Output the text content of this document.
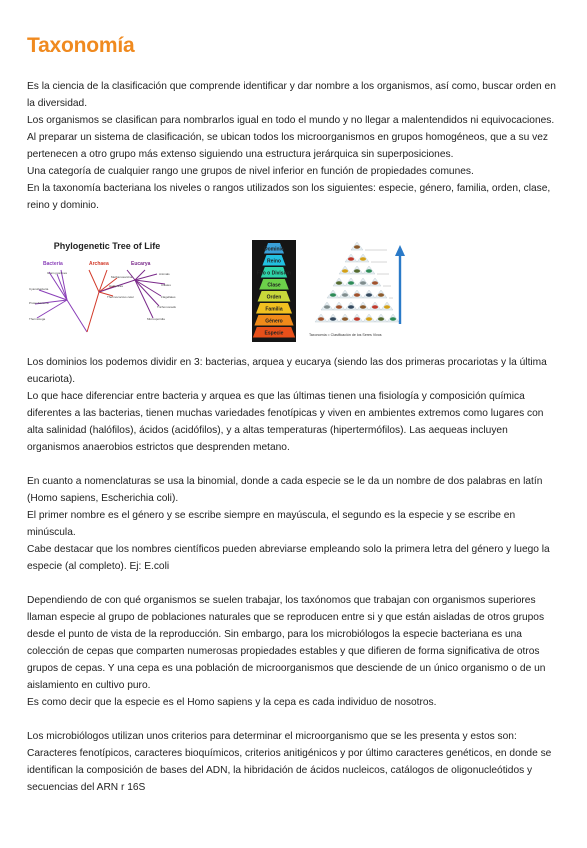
Taxonomía

Es la ciencia de la clasificación que comprende identificar y dar nombre a los organismos, así como, buscar orden en la diversidad.

Los organismos se clasifican para nombrarlos igual en todo el mundo y no llegar a malentendidos ni equivocaciones.

Al preparar un sistema de clasificación, se ubican todos los microorganismos en grupos homogéneos, que a su vez pertenecen a otro grupo más extenso siguiendo una estructura jerárquica sin superposiciones.

Una categoría de cualquier rango une grupos de nivel inferior en función de propiedades comunes.

En la taxonomía bacteriana los niveles o rangos utilizados son los siguientes: especie, género, familia, orden, clase, reino y dominio.

Phylogenetic Tree of Life
Bacteria	Archaea	Eucarya
Cyanobacteria
Proteobacteria
Thermotoga
Gram positives
Methanosarcina
Halophiles
Thermococcus celer
Animals
Ciliates
Flagellates
Trichomonads
Microsporidia
Dominio
Reino
Filo o División
Clase
Orden
Familia
Género
Especie	Taxonomía = Clasificación de los Seres Vivos

Los dominios los podemos dividir en 3: bacterias, arquea y eucarya (siendo las dos primeras procariotas y la última eucariota).

Lo que hace diferenciar entre bacteria y arquea es que las últimas tienen una fisiología y composición química diferentes a las bacterias, tienen muchas variedades fenotípicas y viven en ambientes extremos como lugares con alta salinidad (halófilos), ácidos (acidófilos), y a altas temperaturas (hipertermófilos). Las aequeas incluyen organismos anaerobios estrictos que desprenden metano.

En cuanto a nomenclaturas se usa la binomial, donde a cada especie se le da un nombre de dos palabras en latín (Homo sapiens, Escherichia coli).

El primer nombre es el género y se escribe siempre en mayúscula, el segundo es la especie y se escribe en minúscula.

Cabe destacar que los nombres científicos pueden abreviarse empleando solo la primera letra del género y luego la especie (al completo). Ej: E.coli

Dependiendo de con qué organismos se suelen trabajar, los taxónomos que trabajan con organismos superiores llaman especie al grupo de poblaciones naturales que se reproducen entre si y que están aisladas de otros grupos desde el punto de vista de la reproducción. Sin embargo, para los microbiólogos la especie bacteriana es una colección de cepas que comparten numerosas propiedades estables y que difieren de forma significativa de otros grupos de cepas. Y una cepa es una población de microorganismos que desciende de un único organismo o de un aislamiento en cultivo puro.

Es como decir que la especie es el Homo sapiens y la cepa es cada individuo de nosotros.

Los microbiólogos utilizan unos criterios para determinar el microorganismo que se les presenta y estos son: Caracteres fenotípicos, caracteres bioquímicos, criterios anitigénicos y por último caracteres genéticos, en donde se identifican la composición de bases del ADN, la hibridación de ácidos nucleicos, catálogos de oligonucleótidos y secuencias del ARN r 16S
